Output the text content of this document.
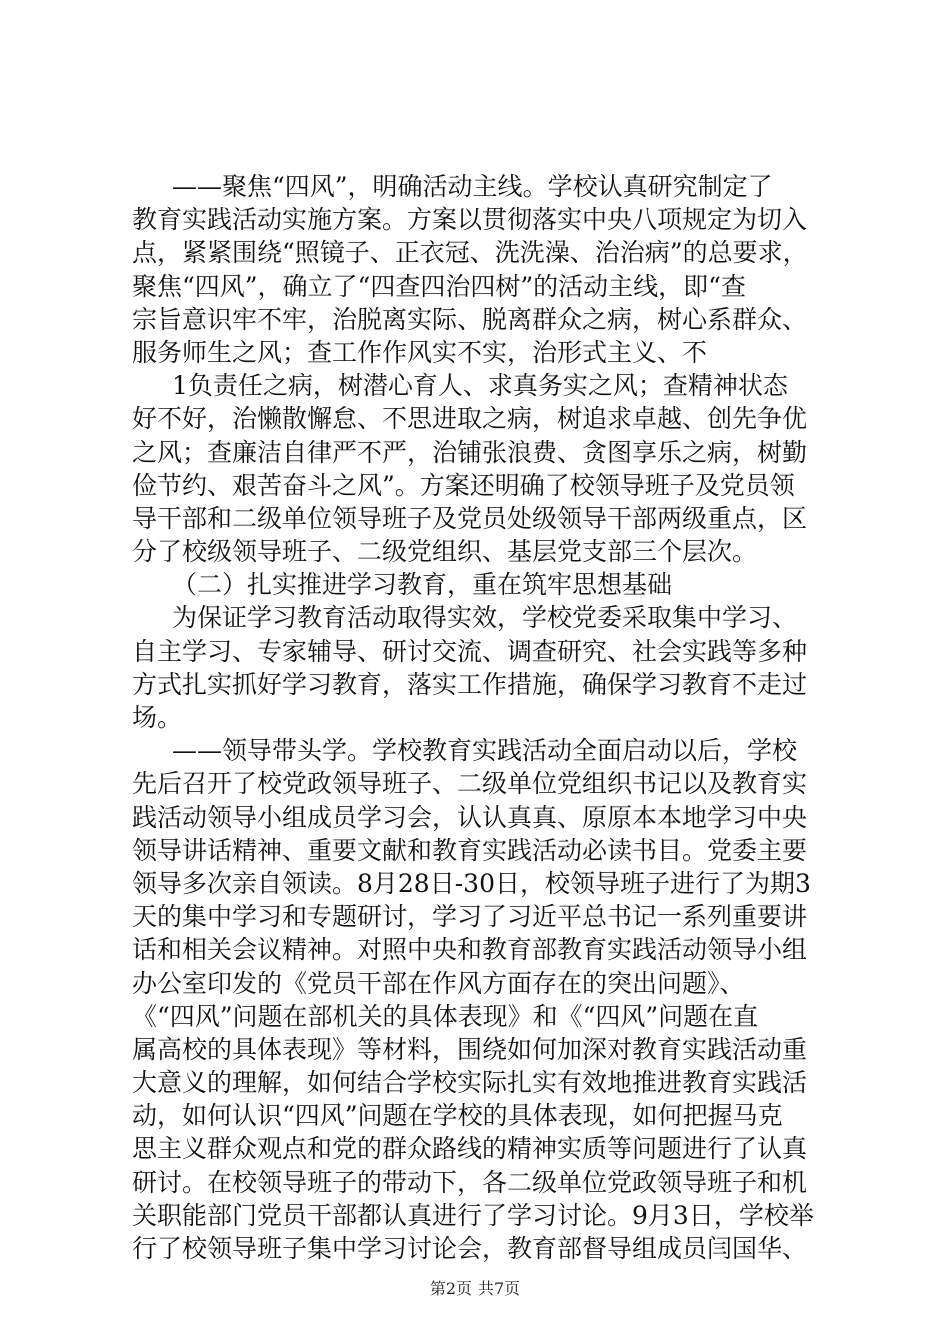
——聚焦“四风”，明确活动主线。学校认真研究制定了
教育实践活动实施方案。方案以贯彻落实中央八项规定为切入
点，紧紧围绕“照镜子、正衣冠、洗洗澡、治治病”的总要求，
聚焦“四风”，确立了“四查四治四树”的活动主线，即“查
宗旨意识牢不牢，治脱离实际、脱离群众之病，树心系群众、
服务师生之风；查工作作风实不实，治形式主义、不
1负责任之病，树潜心育人、求真务实之风；查精神状态
好不好，治懒散懈怠、不思进取之病，树追求卓越、创先争优
之风；查廉洁自律严不严，治铺张浪费、贪图享乐之病，树勤
俭节约、艰苦奋斗之风”。方案还明确了校领导班子及党员领
导干部和二级单位领导班子及党员处级领导干部两级重点，区
分了校级领导班子、二级党组织、基层党支部三个层次。
（二）扎实推进学习教育，重在筑牢思想基础
为保证学习教育活动取得实效，学校党委采取集中学习、
自主学习、专家辅导、研讨交流、调查研究、社会实践等多种
方式扎实抓好学习教育，落实工作措施，确保学习教育不走过
场。
——领导带头学。学校教育实践活动全面启动以后，学校
先后召开了校党政领导班子、二级单位党组织书记以及教育实
践活动领导小组成员学习会，认认真真、原原本本地学习中央
领导讲话精神、重要文献和教育实践活动必读书目。党委主要
领导多次亲自领读。8月28日-30日，校领导班子进行了为期3
天的集中学习和专题研讨，学习了习近平总书记一系列重要讲
话和相关会议精神。对照中央和教育部教育实践活动领导小组
办公室印发的《党员干部在作风方面存在的突出问题》、
《“四风”问题在部机关的具体表现》和《“四风”问题在直
属高校的具体表现》等材料，围绕如何加深对教育实践活动重
大意义的理解，如何结合学校实际扎实有效地推进教育实践活
动，如何认识“四风”问题在学校的具体表现，如何把握马克
思主义群众观点和党的群众路线的精神实质等问题进行了认真
研讨。在校领导班子的带动下，各二级单位党政领导班子和机
关职能部门党员干部都认真进行了学习讨论。9月3日，学校举
行了校领导班子集中学习讨论会，教育部督导组成员闫国华、
第2页 共7页
